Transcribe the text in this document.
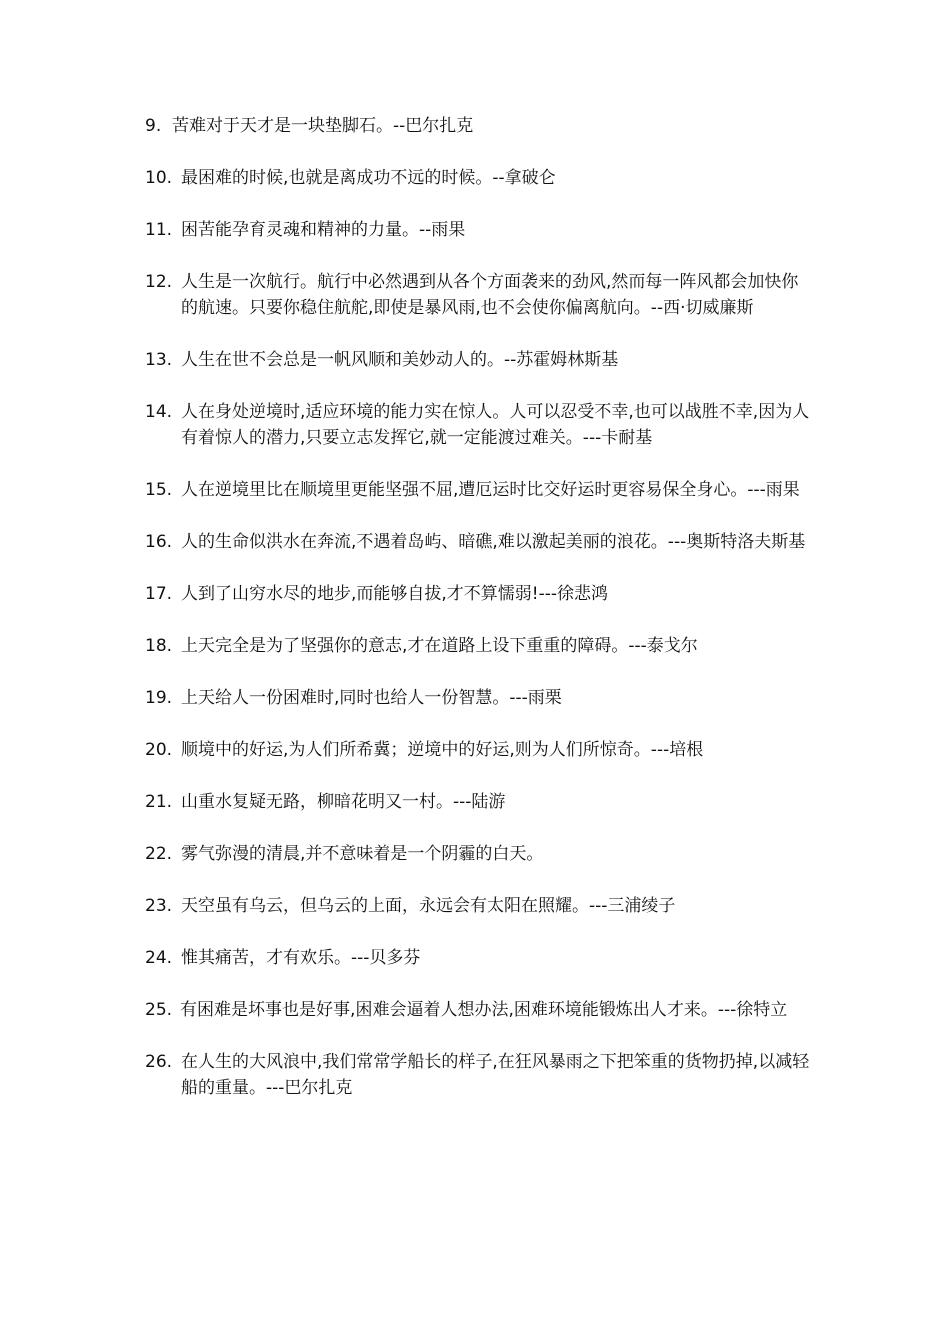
9. 苦难对于天才是一块垫脚石。--巴尔扎克
10. 最困难的时候,也就是离成功不远的时候。--拿破仑
11. 困苦能孕育灵魂和精神的力量。--雨果
12. 人生是一次航行。航行中必然遇到从各个方面袭来的劲风,然而每一阵风都会加快你的航速。只要你稳住航舵,即使是暴风雨,也不会使你偏离航向。--西·切威廉斯
13. 人生在世不会总是一帆风顺和美妙动人的。--苏霍姆林斯基
14. 人在身处逆境时,适应环境的能力实在惊人。人可以忍受不幸,也可以战胜不幸,因为人有着惊人的潜力,只要立志发挥它,就一定能渡过难关。---卡耐基
15. 人在逆境里比在顺境里更能坚强不屈,遭厄运时比交好运时更容易保全身心。---雨果
16. 人的生命似洪水在奔流,不遇着岛屿、暗礁,难以激起美丽的浪花。---奥斯特洛夫斯基
17. 人到了山穷水尽的地步,而能够自拔,才不算懦弱!---徐悲鸿
18. 上天完全是为了坚强你的意志,才在道路上设下重重的障碍。---泰戈尔
19. 上天给人一份困难时,同时也给人一份智慧。---雨栗
20. 顺境中的好运,为人们所希冀；逆境中的好运,则为人们所惊奇。---培根
21. 山重水复疑无路，柳暗花明又一村。---陆游
22. 雾气弥漫的清晨,并不意味着是一个阴霾的白天。
23. 天空虽有乌云，但乌云的上面，永远会有太阳在照耀。---三浦绫子
24. 惟其痛苦，才有欢乐。---贝多芬
25. 有困难是坏事也是好事,困难会逼着人想办法,困难环境能锻炼出人才来。---徐特立
26. 在人生的大风浪中,我们常常学船长的样子,在狂风暴雨之下把笨重的货物扔掉,以减轻船的重量。---巴尔扎克
